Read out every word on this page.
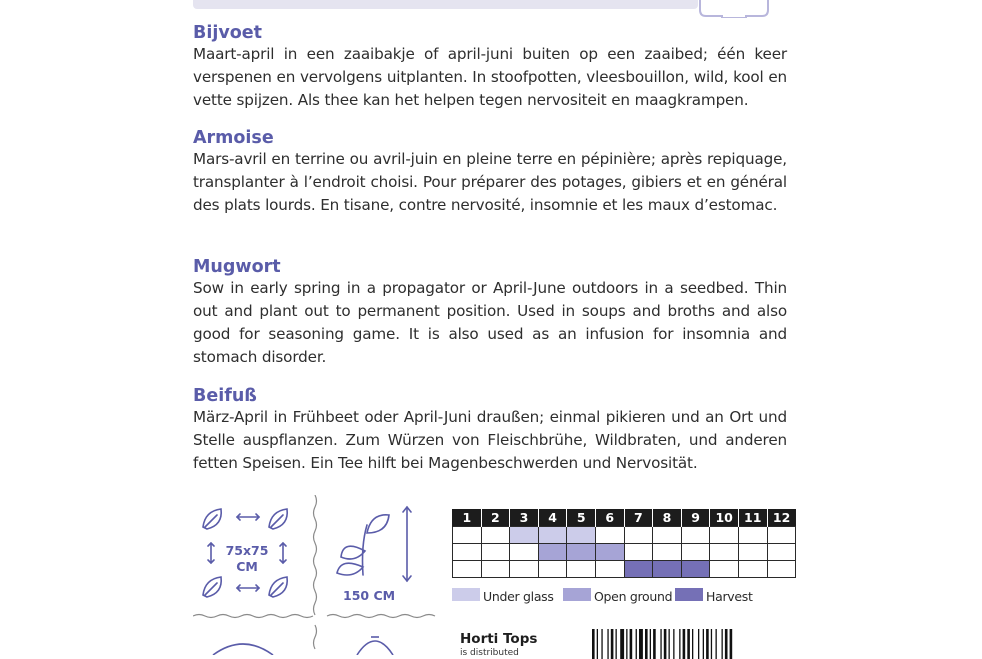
Bijvoet

Maart-april in een zaaibakje of april-juni buiten op een zaaibed; één keer verspenen en vervolgens uitplanten. In stoofpotten, vleesbouillon, wild, kool en vette spijzen. Als thee kan het helpen tegen nervositeit en maagkrampen.

Armoise

Mars-avril en terrine ou avril-juin en pleine terre en pépinière; après repiquage, transplanter à l’endroit choisi. Pour préparer des potages, gibiers et en général des plats lourds. En tisane, contre nervosité, insomnie et les maux d’estomac.

Mugwort

Sow in early spring in a propagator or April-June outdoors in a seedbed. Thin out and plant out to permanent position. Used in soups and broths and also good for seasoning game. It is also used as an infusion for insomnia and stomach disorder.

Beifuß

März-April in Frühbeet oder April-Juni draußen; einmal pikieren und an Ort und Stelle auspflanzen. Zum Würzen von Fleischbrühe, Wildbraten, und anderen fetten Speisen. Ein Tee hilft bei Magenbeschwerden und Nervosität.

75x75
CM
150 CM
1	2	3	4	5	6	7	8	9	10	11	12

Under glass	Open ground	Harvest
Horti Tops
is distributed
